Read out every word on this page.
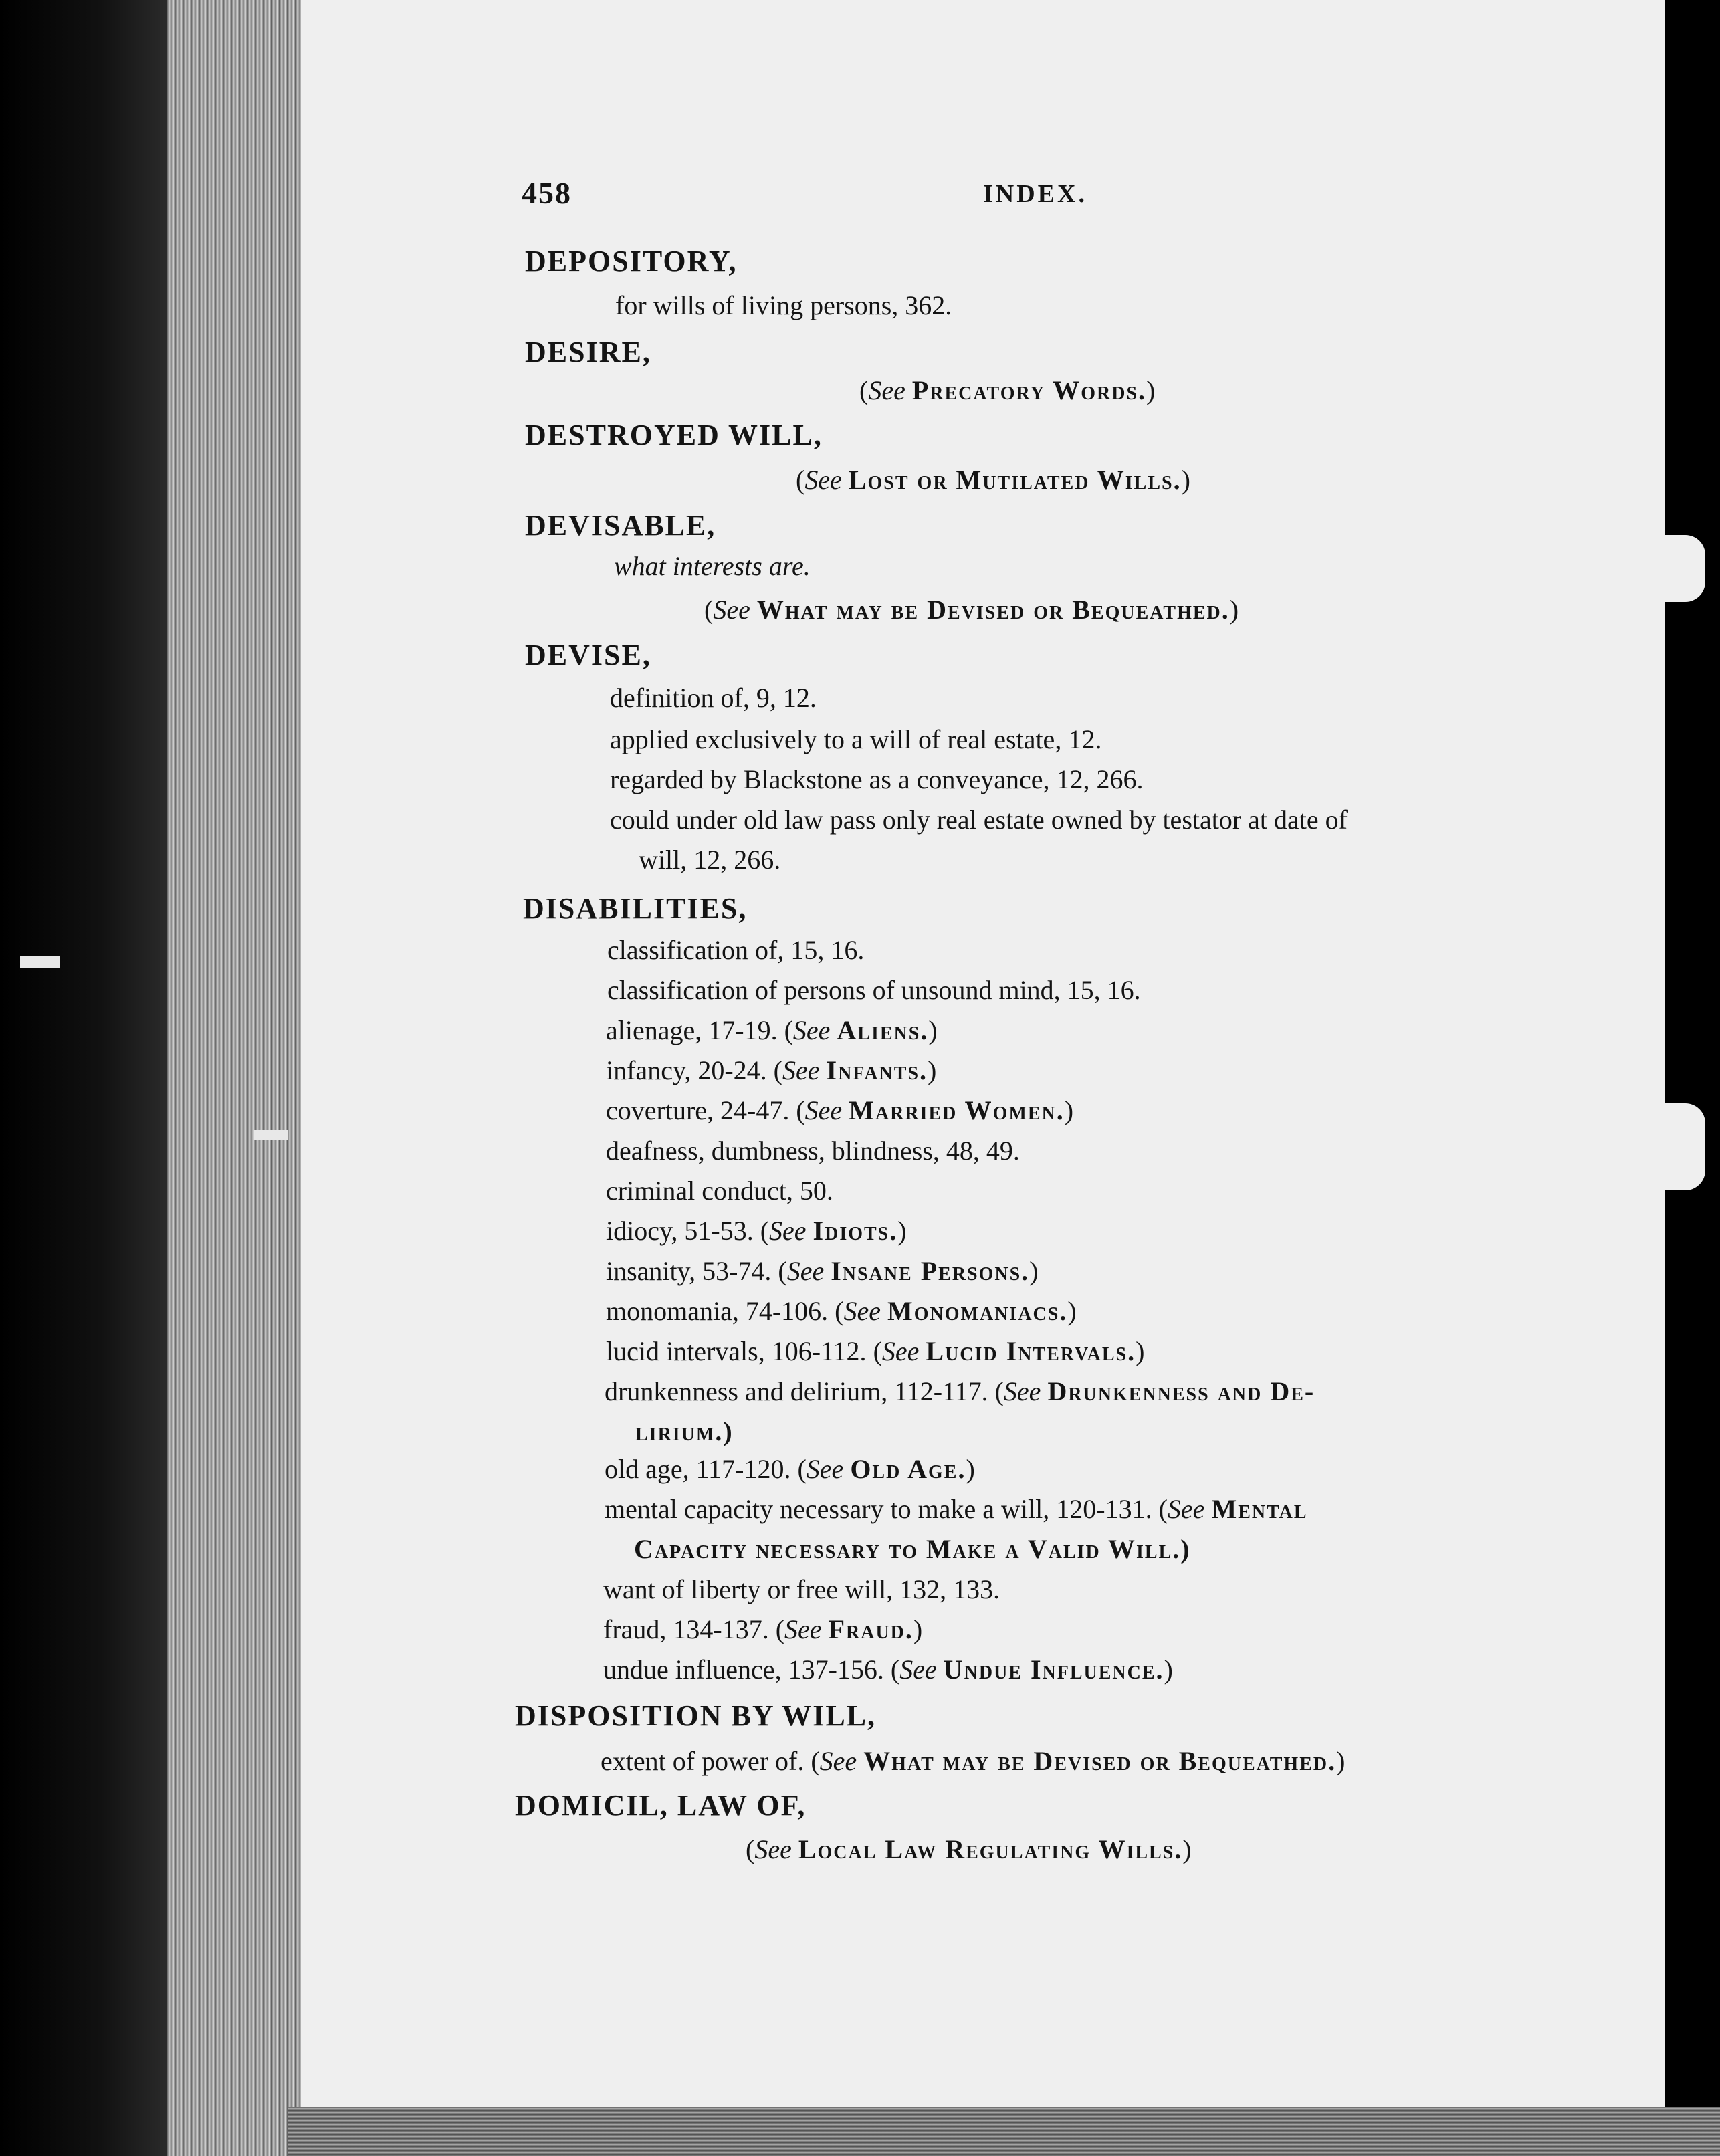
458	INDEX.
DEPOSITORY,
for wills of living persons, 362.
DESIRE,
(See Precatory Words.)
DESTROYED WILL,
(See Lost or Mutilated Wills.)
DEVISABLE,
what interests are.
(See What may be Devised or Bequeathed.)
DEVISE,
definition of, 9, 12.
applied exclusively to a will of real estate, 12.
regarded by Blackstone as a conveyance, 12, 266.
could under old law pass only real estate owned by testator at date of
will, 12, 266.
DISABILITIES,
classification of, 15, 16.
classification of persons of unsound mind, 15, 16.
alienage, 17-19. (See Aliens.)
infancy, 20-24. (See Infants.)
coverture, 24-47. (See Married Women.)
deafness, dumbness, blindness, 48, 49.
criminal conduct, 50.
idiocy, 51-53. (See Idiots.)
insanity, 53-74. (See Insane Persons.)
monomania, 74-106. (See Monomaniacs.)
lucid intervals, 106-112. (See Lucid Intervals.)
drunkenness and delirium, 112-117. (See Drunkenness and De-
lirium.)
old age, 117-120. (See Old Age.)
mental capacity necessary to make a will, 120-131. (See Mental
Capacity necessary to Make a Valid Will.)
want of liberty or free will, 132, 133.
fraud, 134-137. (See Fraud.)
undue influence, 137-156. (See Undue Influence.)
DISPOSITION BY WILL,
extent of power of. (See What may be Devised or Bequeathed.)
DOMICIL, LAW OF,
(See Local Law Regulating Wills.)
